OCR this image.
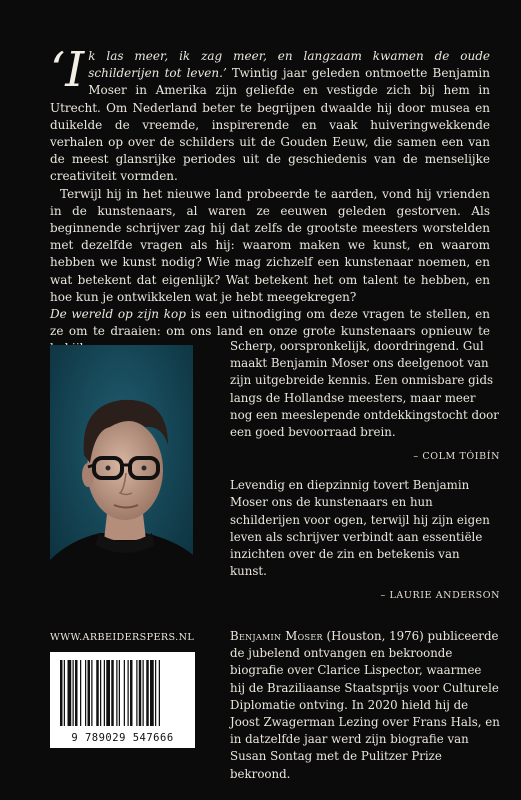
‘Ik las meer, ik zag meer, en langzaam kwamen de oude schilderijen tot leven.’ Twintig jaar geleden ontmoette Benjamin Moser in Amerika zijn geliefde en vestigde zich bij hem in Utrecht. Om Nederland beter te begrijpen dwaalde hij door musea en duikelde de vreemde, inspirerende en vaak huiveringwekkende verhalen op over de schilders uit de Gouden Eeuw, die samen een van de meest glansrijke periodes uit de geschiedenis van de menselijke creativiteit vormden.

Terwijl hij in het nieuwe land probeerde te aarden, vond hij vrienden in de kunstenaars, al waren ze eeuwen geleden gestorven. Als beginnende schrijver zag hij dat zelfs de grootste meesters worstelden met dezelfde vragen als hij: waarom maken we kunst, en waarom hebben we kunst nodig? Wie mag zichzelf een kunstenaar noemen, en wat betekent dat eigenlijk? Wat betekent het om talent te hebben, en hoe kun je ontwikkelen wat je hebt meegekregen?
De wereld op zijn kop is een uitnodiging om deze vragen te stellen, en ze om te draaien: om ons land en onze grote kunstenaars opnieuw te

Scherp, oorspronkelijk, doordringend. Gul maakt Benjamin Moser ons deelgenoot van zijn uitgebreide kennis. Een onmisbare gids langs de Hollandse meesters, maar meer nog een meeslepende ontdekkingstocht door een goed bevoorraad brein.
– COLM TÓIBÍN
Levendig en diepzinnig tovert Benjamin Moser ons de kunstenaars en hun schilderijen voor ogen, terwijl hij zijn eigen leven als schrijver verbindt aan essentiële inzichten over de zin en betekenis van kunst.
– LAURIE ANDERSON
WWW.ARBEIDERSPERS.NL
9 789029 547666
Benjamin Moser (Houston, 1976) publiceerde de jubelend ontvangen en bekroonde biografie over Clarice Lispector, waarmee hij de Braziliaanse Staatsprijs voor Culturele Diplomatie ontving. In 2020 hield hij de Joost Zwagerman Lezing over Frans Hals, en in datzelfde jaar werd zijn biografie van Susan Sontag met de Pulitzer Prize bekroond.
